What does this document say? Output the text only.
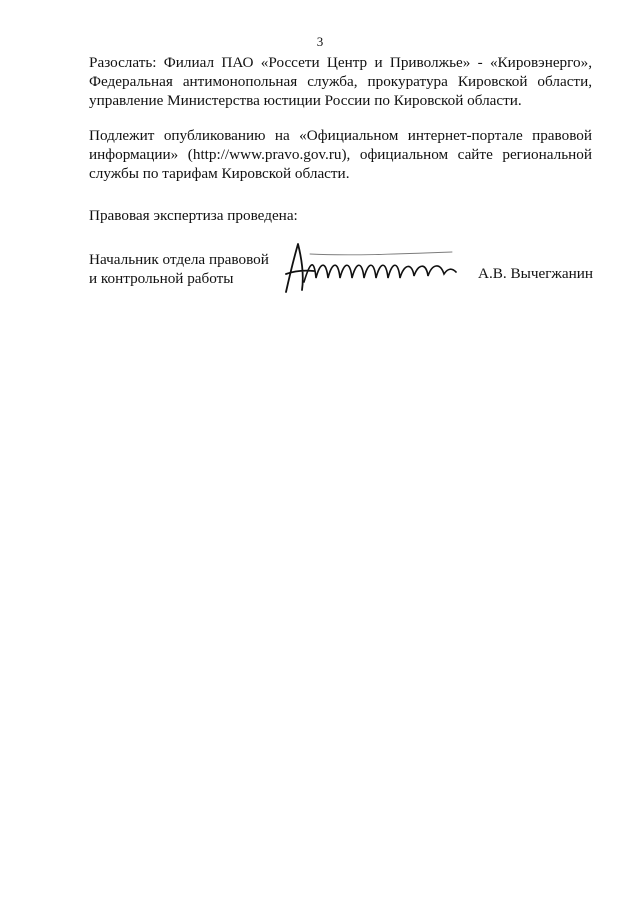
3
Разослать: Филиал ПАО «Россети Центр и Приволжье» - «Кировэнерго»,
Федеральная антимонопольная служба, прокуратура Кировской области,
управление Министерства юстиции России по Кировской области.
Подлежит опубликованию на «Официальном интернет-портале правовой
информации» (http://www.pravo.gov.ru), официальном сайте региональной
службы по тарифам Кировской области.
Правовая экспертиза проведена:
Начальник отдела правовой
и контрольной работы	А.В. Вычегжанин
